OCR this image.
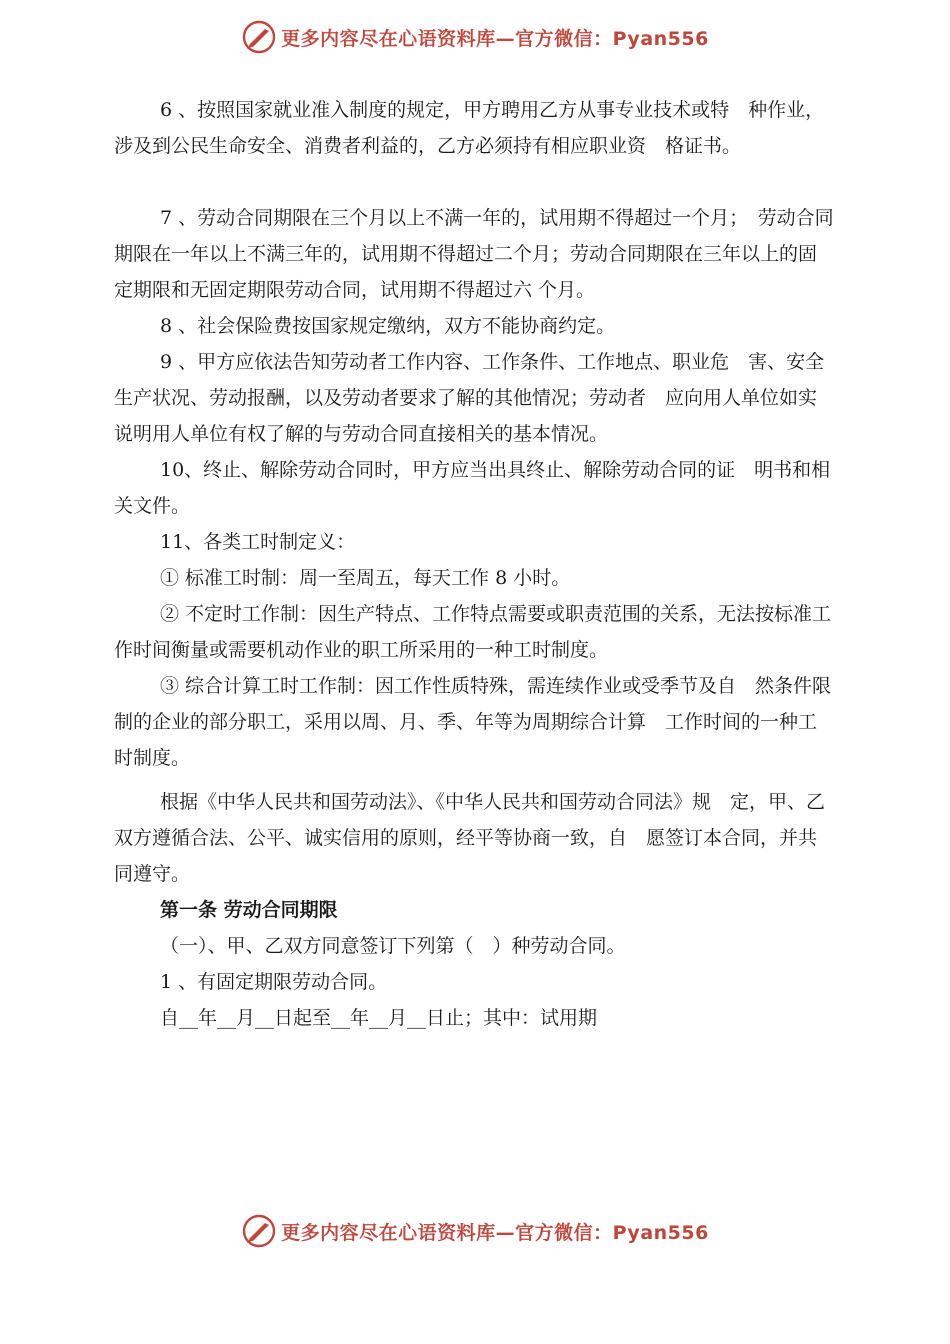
更多内容尽在心语资料库—官方微信：Pyan556

6 、按照国家就业准入制度的规定，甲方聘用乙方从事专业技术或特　种作业，涉及到公民生命安全、消费者利益的，乙方必须持有相应职业资　格证书。

7 、劳动合同期限在三个月以上不满一年的，试用期不得超过一个月；　劳动合同期限在一年以上不满三年的，试用期不得超过二个月；劳动合同期限在三年以上的固定期限和无固定期限劳动合同，试用期不得超过六 个月。

8 、社会保险费按国家规定缴纳，双方不能协商约定。

9 、甲方应依法告知劳动者工作内容、工作条件、工作地点、职业危　害、安全生产状况、劳动报酬，以及劳动者要求了解的其他情况；劳动者　应向用人单位如实说明用人单位有权了解的与劳动合同直接相关的基本情况。

10、终止、解除劳动合同时，甲方应当出具终止、解除劳动合同的证　明书和相关文件。

11、各类工时制定义：

① 标准工时制：周一至周五，每天工作 8 小时。

② 不定时工作制：因生产特点、工作特点需要或职责范围的关系，无法按标准工作时间衡量或需要机动作业的职工所采用的一种工时制度。

③ 综合计算工时工作制：因工作性质特殊，需连续作业或受季节及自　然条件限制的企业的部分职工，采用以周、月、季、年等为周期综合计算　工作时间的一种工时制度。

根据《中华人民共和国劳动法》、《中华人民共和国劳动合同法》规　定，甲、乙双方遵循合法、公平、诚实信用的原则，经平等协商一致，自　愿签订本合同，并共同遵守。

第一条 劳动合同期限

（一）、甲、乙双方同意签订下列第（　）种劳动合同。

1 、有固定期限劳动合同。

自__年__月__日起至__年__月__日止；其中：试用期

更多内容尽在心语资料库—官方微信：Pyan556
